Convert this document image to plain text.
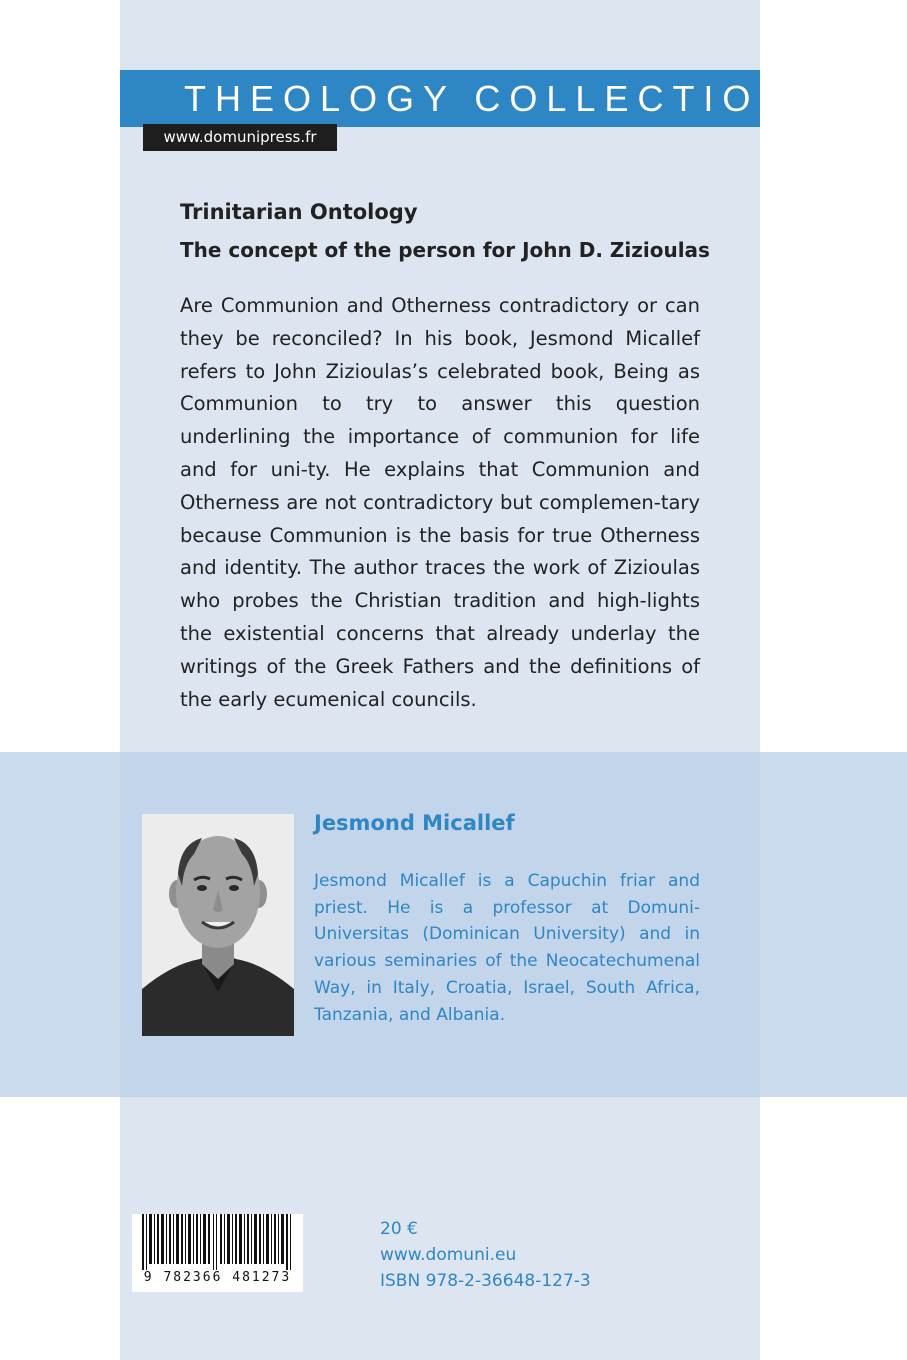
THEOLOGY COLLECTION
www.domunipress.fr
Trinitarian Ontology
The concept of the person for John D. Zizioulas

Are Communion and Otherness contradictory or can they be reconciled? In his book, Jesmond Micallef refers to John Zizioulas’s celebrated book, Being as Communion to try to answer this question underlining the importance of communion for life and for uni-ty. He explains that Communion and Otherness are not contradictory but complemen-tary because Communion is the basis for true Otherness and identity. The author traces the work of Zizioulas who probes the Christian tradition and high-lights the existential concerns that already underlay the writings of the Greek Fathers and the definitions of the early ecumenical councils.

Jesmond Micallef

Jesmond Micallef is a Capuchin friar and priest. He is a professor at Domuni-Universitas (Dominican University) and in various seminaries of the Neocatechumenal Way, in Italy, Croatia, Israel, South Africa, Tanzania, and Albania.

9 782366 481273
20 €
www.domuni.eu
ISBN 978-2-36648-127-3
